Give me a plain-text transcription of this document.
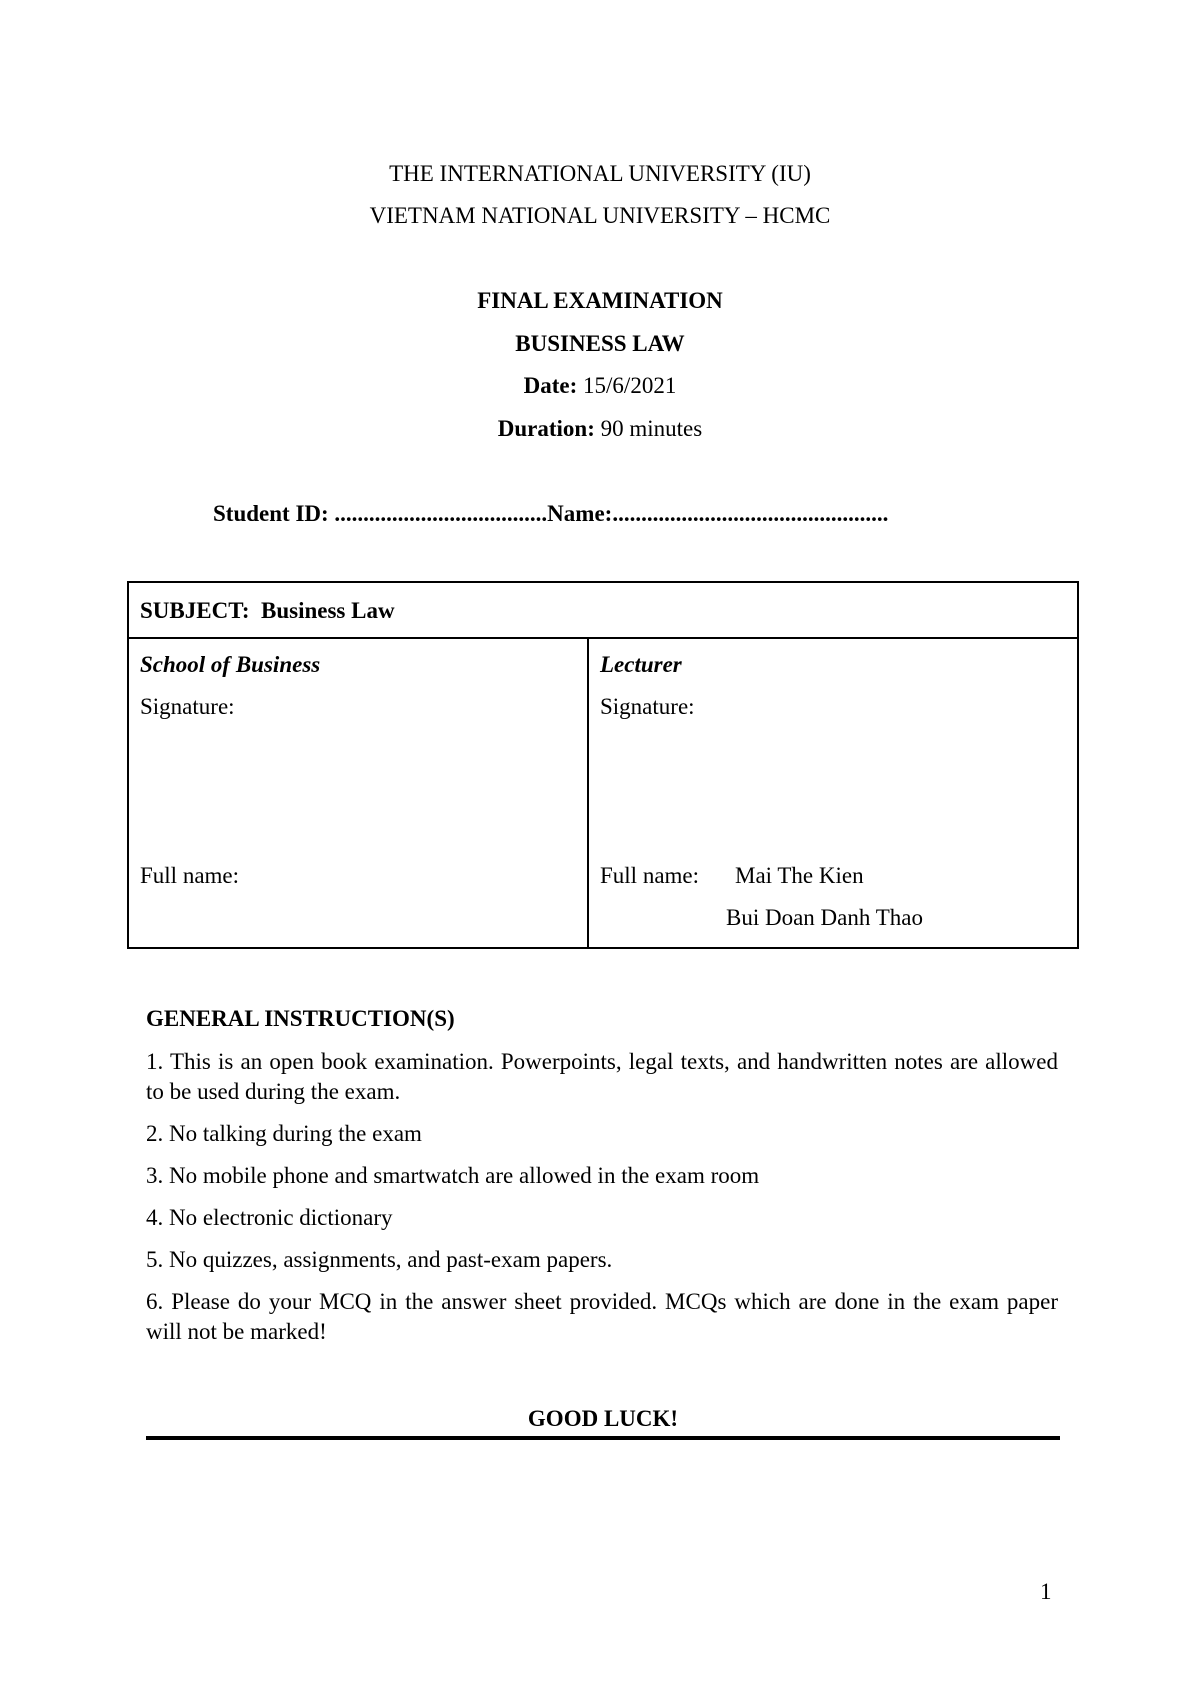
THE INTERNATIONAL UNIVERSITY (IU)
VIETNAM NATIONAL UNIVERSITY – HCMC
FINAL EXAMINATION
BUSINESS LAW
Date: 15/6/2021
Duration: 90 minutes
Student ID: .....................................Name:................................................
SUBJECT: Business Law
School of Business
Signature:
Full name:
Lecturer
Signature:
Full name: Mai The Kien
Bui Doan Danh Thao
GENERAL INSTRUCTION(S)
1. This is an open book examination. Powerpoints, legal texts, and handwritten notes are allowed to be used during the exam.
2. No talking during the exam
3. No mobile phone and smartwatch are allowed in the exam room
4. No electronic dictionary
5. No quizzes, assignments, and past-exam papers.
6. Please do your MCQ in the answer sheet provided. MCQs which are done in the exam paper will not be marked!
GOOD LUCK!
1
